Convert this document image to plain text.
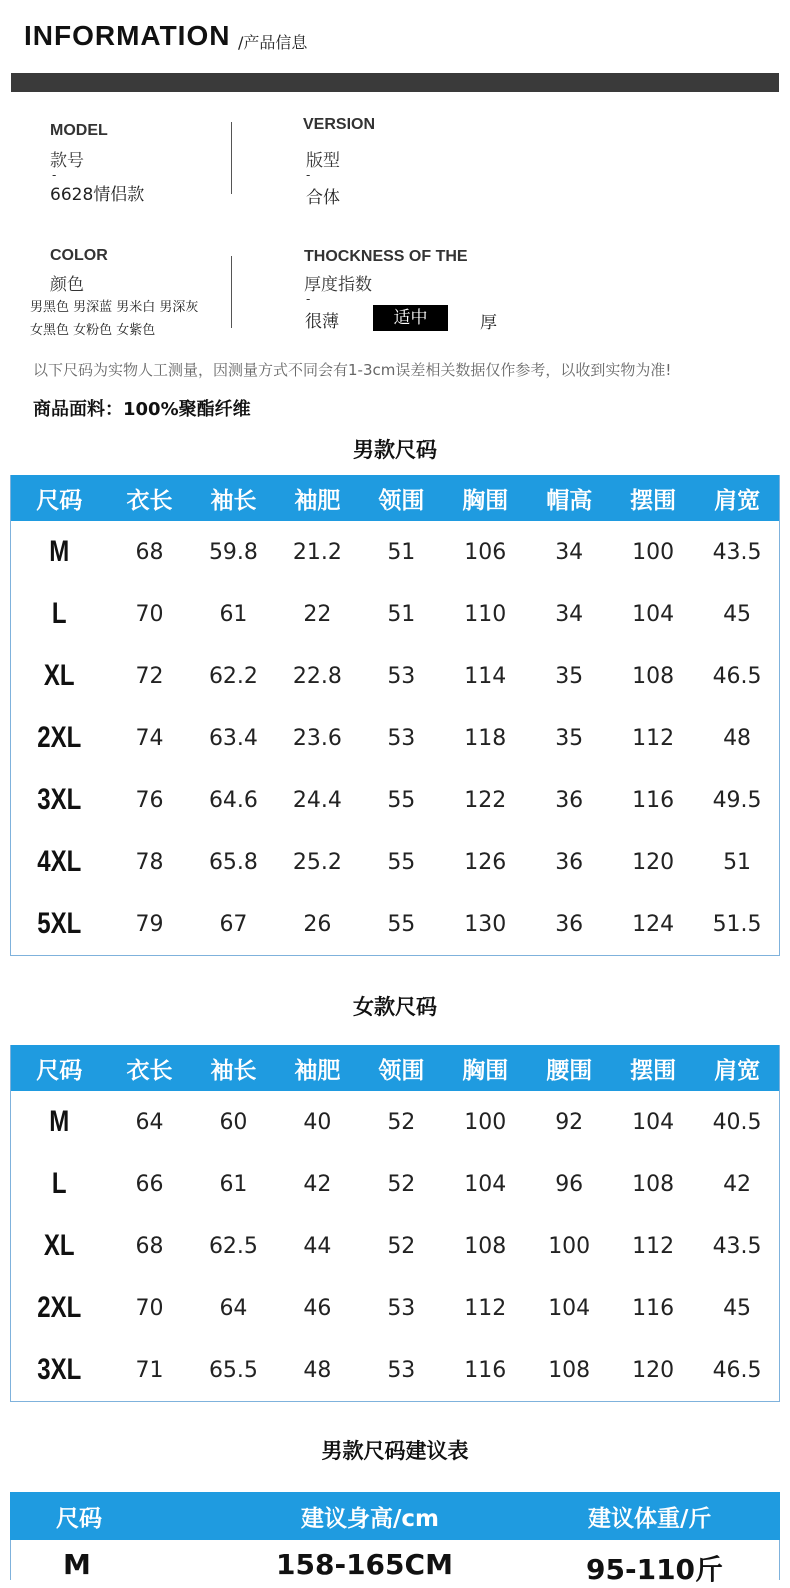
INFORMATION /产品信息
MODEL
款号
-
6628情侣款
VERSION
版型
-
合体
COLOR
颜色
男黑色 男深蓝 男米白 男深灰
女黑色 女粉色 女紫色
THOCKNESS OF THE
厚度指数
-
很薄	适中	厚
以下尺码为实物人工测量，因测量方式不同会有1-3cm误差相关数据仅作参考，以收到实物为准!
商品面料：100%聚酯纤维
男款尺码
尺码	衣长	袖长	袖肥	领围	胸围	帽高	摆围	肩宽
M	68	59.8	21.2	51	106	34	100	43.5
L	70	61	22	51	110	34	104	45
XL	72	62.2	22.8	53	114	35	108	46.5
2XL	74	63.4	23.6	53	118	35	112	48
3XL	76	64.6	24.4	55	122	36	116	49.5
4XL	78	65.8	25.2	55	126	36	120	51
5XL	79	67	26	55	130	36	124	51.5
女款尺码
尺码	衣长	袖长	袖肥	领围	胸围	腰围	摆围	肩宽
M	64	60	40	52	100	92	104	40.5
L	66	61	42	52	104	96	108	42
XL	68	62.5	44	52	108	100	112	43.5
2XL	70	64	46	53	112	104	116	45
3XL	71	65.5	48	53	116	108	120	46.5
男款尺码建议表
尺码	建议身高/cm	建议体重/斤
M	158-165CM	95-110斤
